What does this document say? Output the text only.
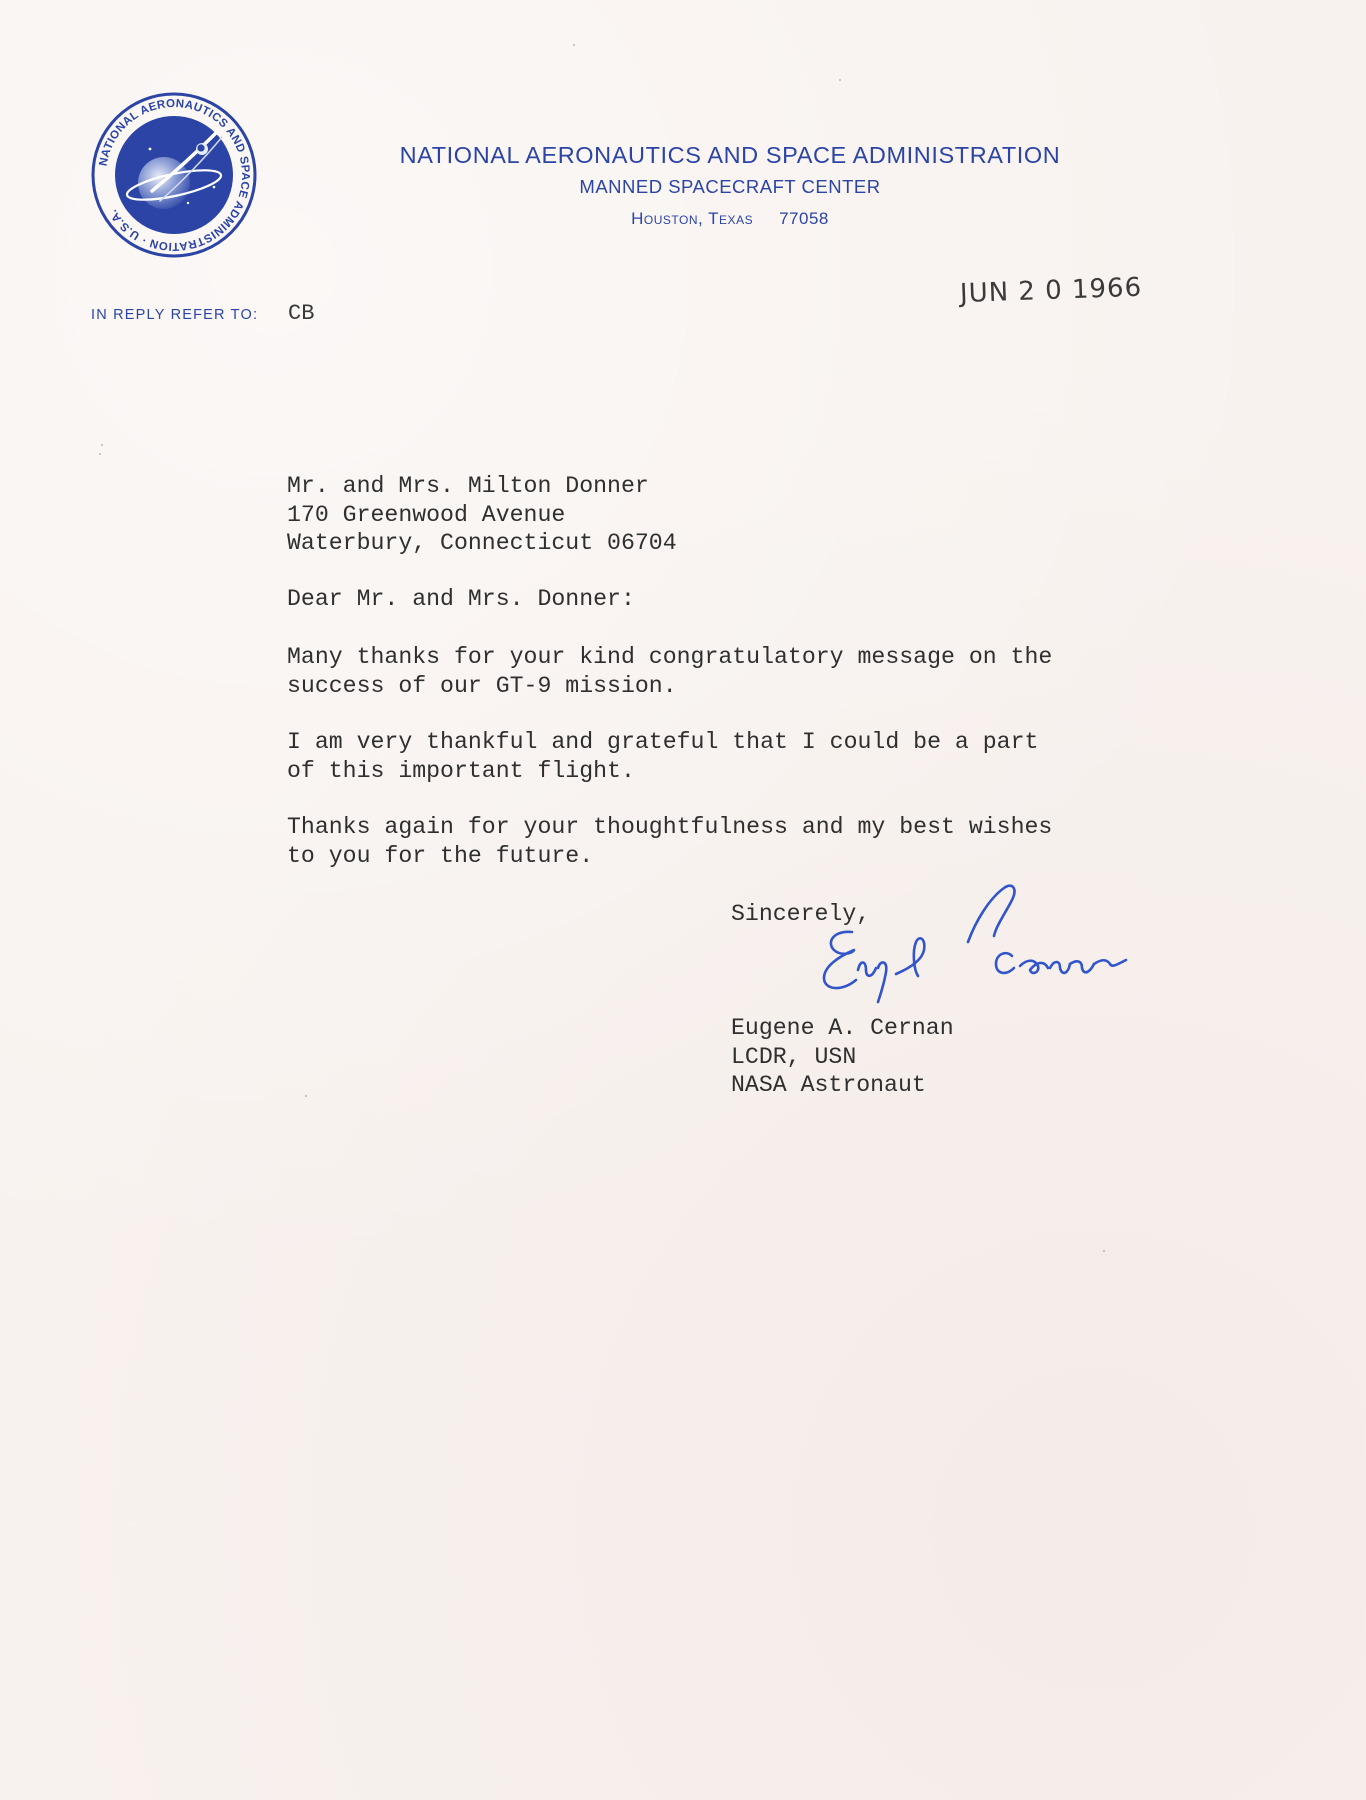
NATIONAL AERONAUTICS AND SPACE ADMINISTRATION · U.S.A.
NATIONAL AERONAUTICS AND SPACE ADMINISTRATION
MANNED SPACECRAFT CENTER
Houston, Texas 77058
IN REPLY REFER TO: CB
JUN 2 0 1966
Mr. and Mrs. Milton Donner
170 Greenwood Avenue
Waterbury, Connecticut 06704
Dear Mr. and Mrs. Donner:
Many thanks for your kind congratulatory message on the
success of our GT-9 mission.
I am very thankful and grateful that I could be a part
of this important flight.
Thanks again for your thoughtfulness and my best wishes
to you for the future.
Sincerely,
Eugene A. Cernan
LCDR, USN
NASA Astronaut
